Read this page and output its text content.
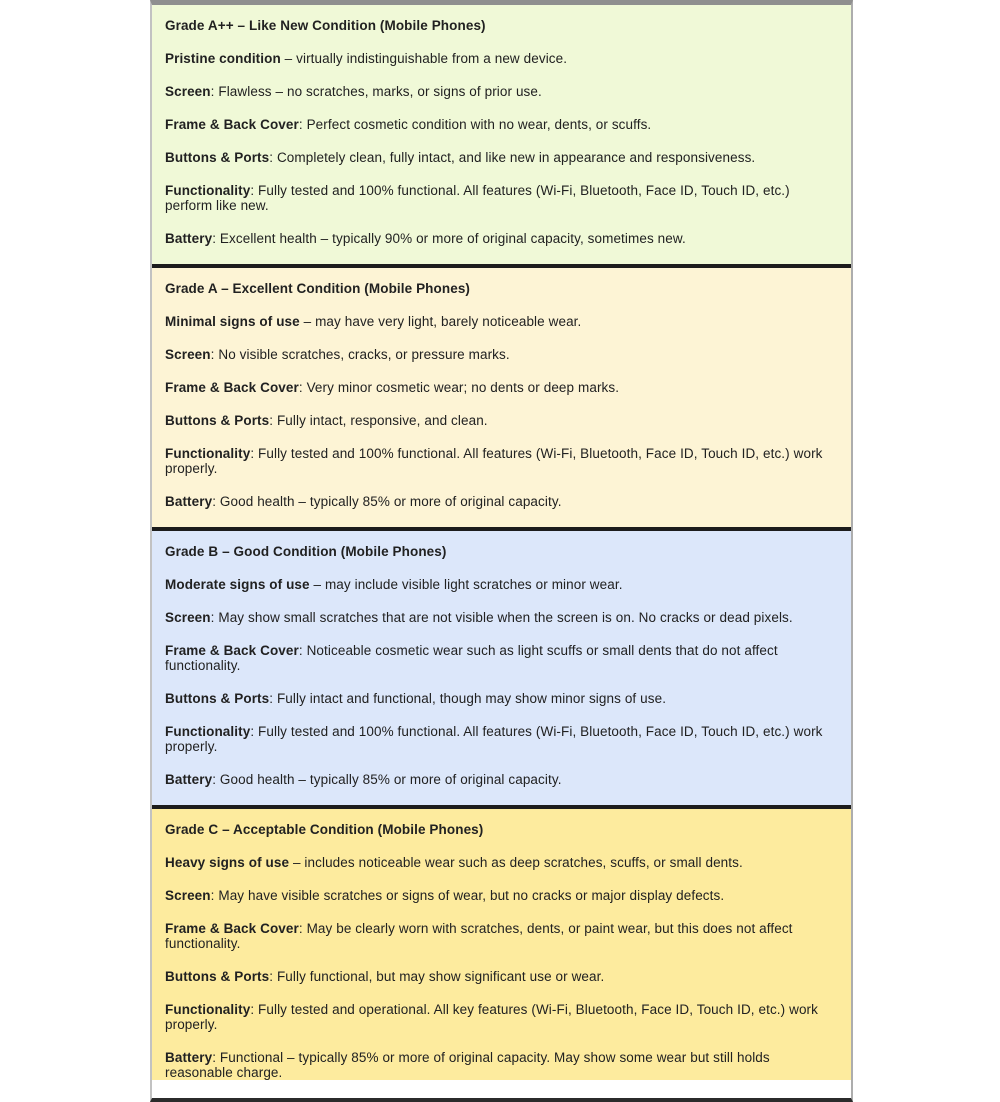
Grade A++ – Like New Condition (Mobile Phones)

Pristine condition – virtually indistinguishable from a new device.

Screen: Flawless – no scratches, marks, or signs of prior use.

Frame & Back Cover: Perfect cosmetic condition with no wear, dents, or scuffs.

Buttons & Ports: Completely clean, fully intact, and like new in appearance and responsiveness.

Functionality: Fully tested and 100% functional. All features (Wi-Fi, Bluetooth, Face ID, Touch ID, etc.) perform like new.

Battery: Excellent health – typically 90% or more of original capacity, sometimes new.

Grade A – Excellent Condition (Mobile Phones)

Minimal signs of use – may have very light, barely noticeable wear.

Screen: No visible scratches, cracks, or pressure marks.

Frame & Back Cover: Very minor cosmetic wear; no dents or deep marks.

Buttons & Ports: Fully intact, responsive, and clean.

Functionality: Fully tested and 100% functional. All features (Wi-Fi, Bluetooth, Face ID, Touch ID, etc.) work properly.

Battery: Good health – typically 85% or more of original capacity.

Grade B – Good Condition (Mobile Phones)

Moderate signs of use – may include visible light scratches or minor wear.

Screen: May show small scratches that are not visible when the screen is on. No cracks or dead pixels.

Frame & Back Cover: Noticeable cosmetic wear such as light scuffs or small dents that do not affect functionality.

Buttons & Ports: Fully intact and functional, though may show minor signs of use.

Functionality: Fully tested and 100% functional. All features (Wi-Fi, Bluetooth, Face ID, Touch ID, etc.) work properly.

Battery: Good health – typically 85% or more of original capacity.

Grade C – Acceptable Condition (Mobile Phones)

Heavy signs of use – includes noticeable wear such as deep scratches, scuffs, or small dents.

Screen: May have visible scratches or signs of wear, but no cracks or major display defects.

Frame & Back Cover: May be clearly worn with scratches, dents, or paint wear, but this does not affect functionality.

Buttons & Ports: Fully functional, but may show significant use or wear.

Functionality: Fully tested and operational. All key features (Wi-Fi, Bluetooth, Face ID, Touch ID, etc.) work properly.

Battery: Functional – typically 85% or more of original capacity. May show some wear but still holds reasonable charge.
